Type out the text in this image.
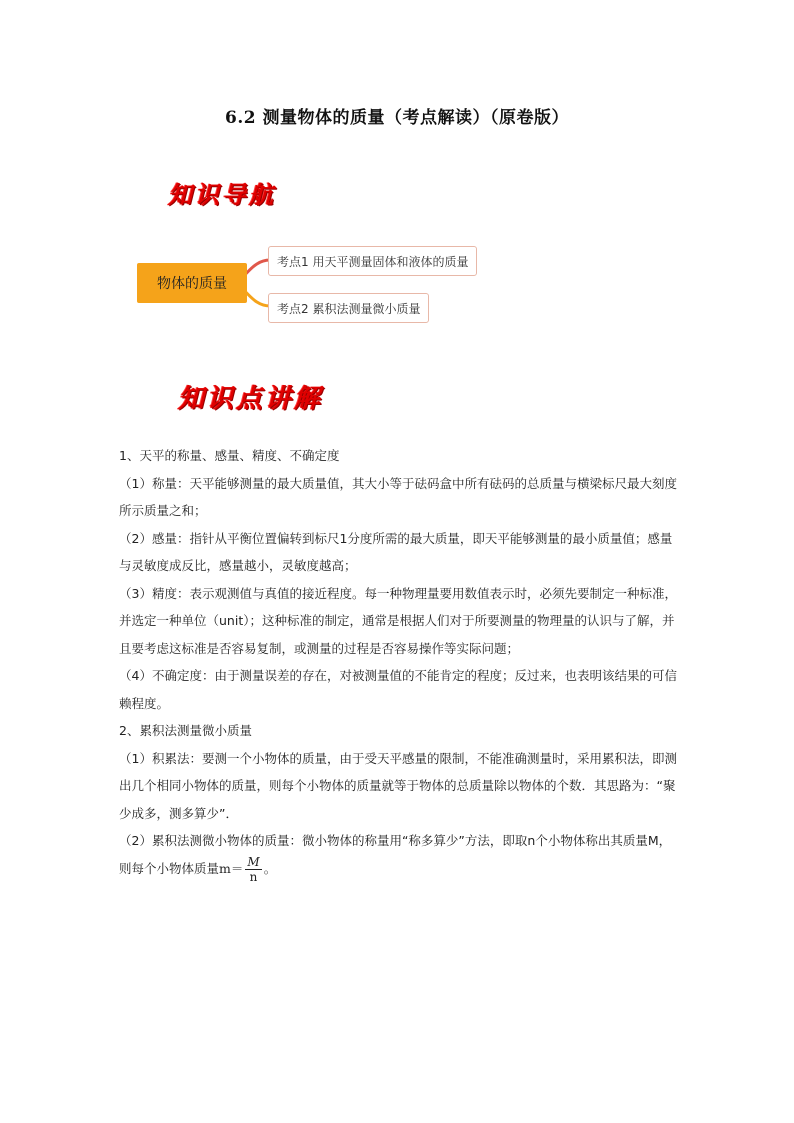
6.2 测量物体的质量（考点解读）（原卷版）
知识导航
物体的质量
考点1 用天平测量固体和液体的质量
考点2 累积法测量微小质量
知识点讲解

1、天平的称量、感量、精度、不确定度

（1）称量：天平能够测量的最大质量值，其大小等于砝码盒中所有砝码的总质量与横梁标尺最大刻度所示质量之和；

（2）感量：指针从平衡位置偏转到标尺1分度所需的最大质量，即天平能够测量的最小质量值；感量与灵敏度成反比，感量越小，灵敏度越高；

（3）精度：表示观测值与真值的接近程度。每一种物理量要用数值表示时，必须先要制定一种标准，并选定一种单位（unit）；这种标准的制定，通常是根据人们对于所要测量的物理量的认识与了解，并且要考虑这标准是否容易复制，或测量的过程是否容易操作等实际问题；

（4）不确定度：由于测量误差的存在，对被测量值的不能肯定的程度；反过来，也表明该结果的可信赖程度。

2、累积法测量微小质量

（1）积累法：要测一个小物体的质量，由于受天平感量的限制，不能准确测量时，采用累积法，即测出几个相同小物体的质量，则每个小物体的质量就等于物体的总质量除以物体的个数．其思路为：“聚少成多，测多算少”．

（2）累积法测微小物体的质量：微小物体的称量用“称多算少”方法，即取n个小物体称出其质量M，则每个小物体质量$m= \frac{M}{n}$ 。
